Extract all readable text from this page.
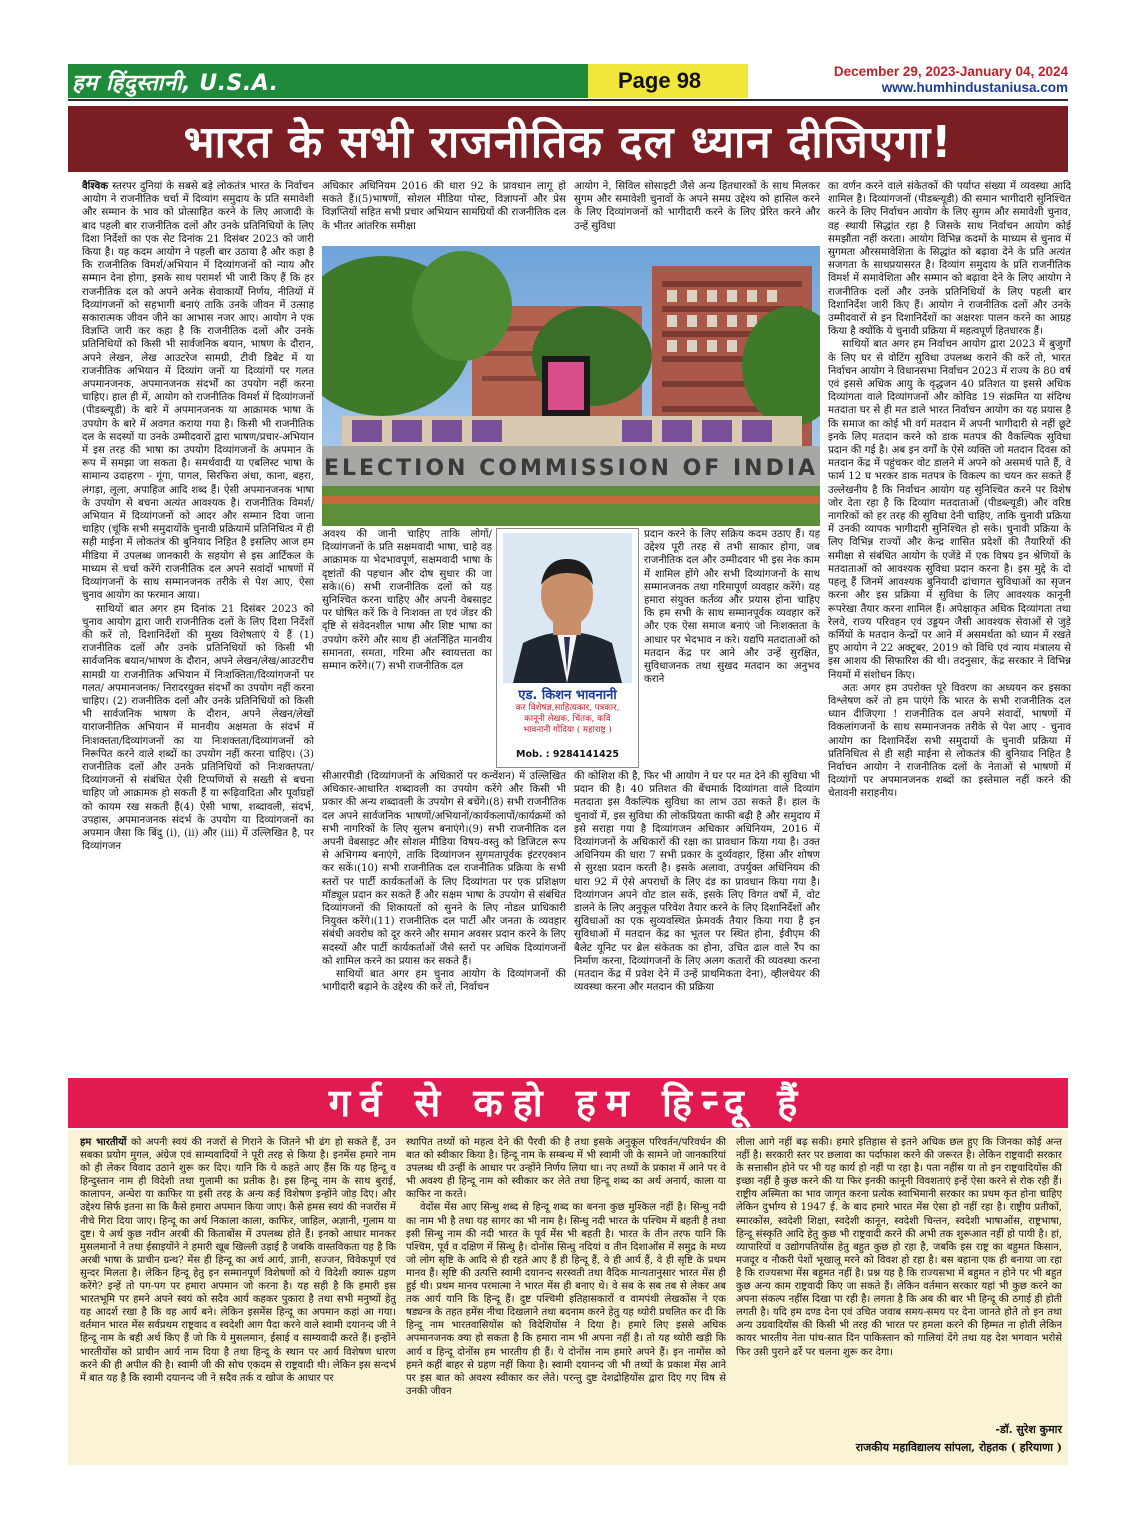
हम हिंदुस्तानी, U.S.A.	Page 98	December 29, 2023-January 04, 2024
www.humhindustaniusa.com
भारत के सभी राजनीतिक दल ध्यान दीजिएगा!

वैश्विक स्तरपर दुनियां के सबसे बड़े लोकतंत्र भारत के निर्वाचन आयोग ने राजनीतिक चर्चा में दिव्यांग समुदाय के प्रति समावेशी और सम्मान के भाव को प्रोत्साहित करने के लिए आजादी के बाद पहली बार राजनीतिक दलों और उनके प्रतिनिधियों के लिए दिशा निर्देशों का एक सेट दिनांक 21 दिसंबर 2023 को जारी किया है। यह कदम आयोग ने पहली बार उठाया है और कहा है कि राजनीतिक विमर्श/अभियान में दिव्यांगजनों को न्याय और सम्मान देना होगा, इसके साथ परामर्श भी जारी किए हैं कि हर राजनीतिक दल को अपने अनेक सेवाकार्यों निर्णय, नीतियों में दिव्यांगजनों को सहभागी बनाएं ताकि उनके जीवन में उत्साह सकारात्मक जीवन जीने का आभास नजर आए। आयोग ने एक विज्ञप्ति जारी कर कहा है कि राजनीतिक दलों और उनके प्रतिनिधियों को किसी भी सार्वजनिक बयान, भाषण के दौरान, अपने लेखन, लेख आउटरेज सामग्री, टीवी डिबेट में या राजनीतिक अभियान में दिव्यांग जनों या दिव्यांगों पर गलत अपमानजनक, अपमानजनक संदर्भों का उपयोग नहीं करना चाहिए। हाल ही में, आयोग को राजनीतिक विमर्श में दिव्यांगजनों (पीडब्ल्यूडी) के बारे में अपमानजनक या आक्रामक भाषा के उपयोग के बारे में अवगत कराया गया है। किसी भी राजनीतिक दल के सदस्यों या उनके उम्मीदवारों द्वारा भाषण/प्रचार-अभियान में इस तरह की भाषा का उपयोग दिव्यांगजनों के अपमान के रूप में समझा जा सकता है। समर्थवादी या एबलिस्ट भाषा के सामान्य उदाहरण - गूंगा, पागल, सिरफिरा अंधा, काना, बहरा, लंगड़ा, लूला, अपाहिज आदि शब्द हैं। ऐसी अपमानजनक भाषा के उपयोग से बचना अत्यंत आवश्यक है। राजनीतिक विमर्श/अभियान में दिव्यांगजनों को आदर और सम्मान दिया जाना चाहिए (चूंकि सभी समुदायोंके चुनावी प्रक्रियामें प्रतिनिधित्व में ही सही माईना में लोकतंत्र की बुनियाद निहित है इसलिए आज हम मीडिया में उपलब्ध जानकारी के सहयोग से इस आर्टिकल के माध्यम से चर्चा करेंगे राजनीतिक दल अपने सवांदों भाषणों में दिव्यांगजनों के साथ सम्मानजनक तरीके से पेश आए, ऐसा चुनाव आयोग का फरमान आया।

साथियों बात अगर हम दिनांक 21 दिसंबर 2023 को चुनाव आयोग द्वारा जारी राजनीतिक दलों के लिए दिशा निर्देशों की करें तो, दिशानिर्देशों की मुख्य विशेषताएं ये हैं (1) राजनीतिक दलों और उनके प्रतिनिधियों को किसी भी सार्वजनिक बयान/भाषण के दौरान, अपने लेखन/लेख/आउटरीच सामग्री या राजनीतिक अभियान में निःशक्तिता/दिव्यांगजनों पर गलत/ अपमानजनक/ निरादरयुक्त संदर्भों का उपयोग नहीं करना चाहिए। (2) राजनीतिक दलों और उनके प्रतिनिधियों को किसी भी सार्वजनिक भाषण के दौरान, अपने लेखन/लेखों याराजनीतिक अभियान में मानवीय अक्षमता के संदर्भ में निःशक्तता/दिव्यांगजनों का या निःशक्तता/दिव्यांगजनों को निरूपित करने वाले शब्दों का उपयोग नहीं करना चाहिए। (3) राजनीतिक दलों और उनके प्रतिनिधियों को निःशक्तपता/ दिव्यांगजनों से संबंधित ऐसी टिप्पणियों से सख्ती से बचना चाहिए जो आक्रामक हो सकती हैं या रूढ़िवादिता और पूर्वाग्रहों को कायम रख सकती हैं(4) ऐसी भाषा, शब्दावली, संदर्भ, उपहास, अपमानजनक संदर्भ के उपयोग या दिव्यांगजनों का अपमान जैसा कि बिंदु (i), (ii) और (iii) में उल्लिखित है, पर दिव्यांगजन

अधिकार अधिनियम 2016 की धारा 92 के प्रावधान लागू हो सकते हैं।(5)भाषणों, सोशल मीडिया पोस्ट, विज्ञापनों और प्रेस विज्ञप्तियों सहित सभी प्रचार अभियान सामग्रियों की राजनीतिक दल के भीतर आंतरिक समीक्षा

आयोग ने, सिविल सोसाइटी जैसे अन्य हितधारकों के साथ मिलकर सुगम और समावेशी चुनावों के अपने समग्र उद्देश्य को हासिल करने के लिए दिव्यांगजनों को भागीदारी करने के लिए प्रेरित करने और उन्हें सुविधा

ELECTION COMMISSION OF INDIA

अवश्य की जानी चाहिए ताकि लोगों/ दिव्यांगजनों के प्रति सक्षमवादी भाषा, चाहे वह आक्रामक या भेदभावपूर्ण, सक्षमवादी भाषा के दृष्टांतों की पहचान और दोष सुधार की जा सके।(6) सभी राजनीतिक दलों को यह सुनिश्चित करना चाहिए और अपनी वेबसाइट पर घोषित करें कि वे निःशक्त ता एवं जेंडर की दृष्टि से संवेदनशील भाषा और शिष्ट भाषा का उपयोग करेंगे और साथ ही अंतर्निहित मानवीय समानता, समता, गरिमा और स्वायत्तता का सम्मान करेंगे।(7) सभी राजनीतिक दल

एड. किशन भावनानी
कर विशेषज्ञ,साहित्यकार, पत्रकार,
कानूनी लेखक, चिंतक, कवि
भावनानी गोंदिया ( महाराष्ट्र )
Mob. : 9284141425

प्रदान करने के लिए सक्रिय कदम उठाए हैं। यह उद्देश्य पूरी तरह से तभी साकार होगा, जब राजनीतिक दल और उम्मीदवार भी इस नेक काम में शामिल होंगे और सभी दिव्यांगजनों के साथ सम्मानजनक तथा गरिमापूर्ण व्यवहार करेंगे। यह हमारा संयुक्त कर्तव्य और प्रयास होना चाहिए कि हम सभी के साथ सम्मानपूर्वक व्यवहार करें और एक ऐसा समाज बनाएं जो निःशक्तता के आधार पर भेदभाव न करे। यद्यपि मतदाताओं को मतदान केंद्र पर आने और उन्हें सुरक्षित, सुविधाजनक तथा सुखद मतदान का अनुभव कराने

सीआरपीडी (दिव्यांगजनों के अधिकारों पर कन्वेंशन) में उल्लिखित अधिकार-आधारित शब्दावली का उपयोग करेंगे और किसी भी प्रकार की अन्य शब्दावली के उपयोग से बचेंगे।(8) सभी राजनीतिक दल अपने सार्वजनिक भाषणों/अभियानों/कार्यकलापों/कार्यक्रमों को सभी नागरिकों के लिए सुलभ बनाएंगे।(9) सभी राजनीतिक दल अपनी वेबसाइट और सोशल मीडिया विषय-वस्तु को डिजिटल रूप से अभिगम्य बनाएंगे, ताकि दिव्यांगजन सुगमतापूर्वक इंटरएक्शन कर सकें।(10) सभी राजनीतिक दल राजनीतिक प्रक्रिया के सभी स्तरों पर पार्टी कार्यकर्ताओं के लिए दिव्यांगता पर एक प्रशिक्षण मॉड्यूल प्रदान कर सकते हैं और सक्षम भाषा के उपयोग से संबंधित दिव्यांगजनों की शिकायतों को सुनने के लिए नोडल प्राधिकारी नियुक्त करेंगे।(11) राजनीतिक दल पार्टी और जनता के व्यवहार संबंधी अवरोध को दूर करने और समान अवसर प्रदान करने के लिए सदस्यों और पार्टी कार्यकर्ताओं जैसे स्तरों पर अधिक दिव्यांगजनों को शामिल करने का प्रयास कर सकते हैं।

साथियों बात अगर हम चुनाव आयोग के दिव्यांगजनों की भागीदारी बढ़ाने के उद्देश्य की करें तो, निर्वाचन

की कोशिश की है, फिर भी आयोग ने घर पर मत देने की सुविधा भी प्रदान की है। 40 प्रतिशत की बेंचमार्क दिव्यांगता वाले दिव्यांग मतदाता इस वैकल्पिक सुविधा का लाभ उठा सकते हैं। हाल के चुनावों में, इस सुविधा की लोकप्रियता काफी बढ़ी है और समुदाय में इसे सराहा गया है दिव्यांगजन अधिकार अधिनियम, 2016 में दिव्यांगजनों के अधिकारों की रक्षा का प्रावधान किया गया है। उक्त अधिनियम की धारा 7 सभी प्रकार के दुर्व्यवहार, हिंसा और शोषण से सुरक्षा प्रदान करती है। इसके अलावा, उपर्युक्त अधिनियम की धारा 92 में ऐसे अपराधों के लिए दंड का प्रावधान किया गया है। दिव्यांगजन अपने वोट डाल सकें, इसके लिए विगत वर्षों में, वोट डालने के लिए अनुकूल परिवेश तैयार करने के लिए दिशानिर्देशों और सुविधाओं का एक सुव्यवस्थित फ्रेमवर्क तैयार किया गया है इन सुविधाओं में मतदान केंद्र का भूतल पर स्थित होना, ईवीएम की बैलेट यूनिट पर ब्रेल संकेतक का होना, उचित ढाल वाले रैंप का निर्माण करना, दिव्यांगजनों के लिए अलग कतारों की व्यवस्था करना (मतदान केंद्र में प्रवेश देने में उन्हें प्राथमिकता देना), व्हीलचेयर की व्यवस्था करना और मतदान की प्रक्रिया

का वर्णन करने वाले संकेतकों की पर्याप्त संख्या में व्यवस्था आदि शामिल है। दिव्यांगजनों (पीडब्ल्यूडी) की समान भागीदारी सुनिश्चित करने के लिए निर्वाचन आयोग के लिए सुगम और समावेशी चुनाव, वह स्थायी सिद्धांत रहा है जिसके साथ निर्वाचन आयोग कोई समझौता नहीं करता। आयोग विभिन्न कदमों के माध्यम से चुनाव में सुगमता औरसमावेशिता के सिद्धांत को बढ़ावा देने के प्रति अत्यंत सजगता के साथप्रयासरत है। दिव्यांग समुदाय के प्रति राजनीतिक विमर्श में समावेशिता और सम्मान को बढ़ावा देने के लिए आयोग ने राजनीतिक दलों और उनके प्रतिनिधियों के लिए पहली बार दिशानिर्देश जारी किए हैं। आयोग ने राजनीतिक दलों और उनके उम्मीदवारों से इन दिशानिर्देशों का अक्षरशः पालन करने का आग्रह किया है क्योंकि ये चुनावी प्रक्रिया में महत्वपूर्ण हितधारक हैं।

साथियों बात अगर हम निर्वाचन आयोग द्वारा 2023 में बुजुर्गों के लिए घर से वोटिंग सुविधा उपलब्ध कराने की करें तो, भारत निर्वाचन आयोग ने विधानसभा निर्वाचन 2023 में राज्य के 80 वर्ष एवं इससे अधिक आयु के वृद्धजन 40 प्रतिशत या इससे अधिक दिव्यांगता वाले दिव्यांगजनों और कोविड 19 संक्रमित या संदिग्ध मतदाता घर से ही मत डाले भारत निर्वाचन आयोग का यह प्रयास है कि समाज का कोई भी वर्ग मतदान में अपनी भागीदारी से नहीं छूटे इनके लिए मतदान करने को डाक मतपत्र की वैकल्पिक सुविधा प्रदान की गई है। अब इन वर्गों के ऐसे व्यक्ति जो मतदान दिवस को मतदान केंद्र में पहुंचकर वोट डालने में अपने को असमर्थ पाते हैं, वे फार्म 12 घ भरकर डाक मतपत्र के विकल्प का चयन कर सकते हैं उल्लेखनीय है कि निर्वाचन आयोग यह सुनिश्चित करने पर विशेष जोर देता रहा है कि दिव्यांग मतदाताओं (पीडब्ल्यूडी) और वरिष्ठ नागरिकों को हर तरह की सुविधा देनी चाहिए, ताकि चुनावी प्रक्रिया में उनकी व्यापक भागीदारी सुनिश्चित हो सके। चुनावी प्रक्रिया के लिए विभिन्न राज्यों और केन्द्र शासित प्रदेशों की तैयारियों की समीक्षा से संबंधित आयोग के एजेंडे में एक विषय इन श्रेणियों के मतदाताओं को आवश्यक सुविधा प्रदान करना है। इस मुद्दे के दो पहलू हैं जिनमें आवश्यक बुनियादी ढांचागत सुविधाओं का सृजन करना और इस प्रक्रिया में सुविधा के लिए आवश्यक कानूनी रूपरेखा तैयार करना शामिल हैं। अपेक्षाकृत अधिक दिव्यांगता तथा रेलवे, राज्य परिवहन एवं उड्डयन जैसी आवश्यक सेवाओं से जुड़े कर्मियों के मतदान केन्द्रों पर आने में असमर्थता को ध्यान में रखते हुए आयोग ने 22 अक्टूबर, 2019 को विधि एवं न्याय मंत्रालय से इस आशय की सिफारिश की थी। तदनुसार, केंद्र सरकार ने विभिन्न नियमों में संशोधन किए।

अतः अगर हम उपरोक्त पूरे विवरण का अध्ययन कर इसका विश्लेषण करें तो हम पाएंगे कि भारत के सभी राजनीतिक दल ध्यान दीजिएगा ! राजनीतिक दल अपने संवादों, भाषणों में विकलांगजनों के साथ सम्मानजनक तरीके से पेश आए - चुनाव आयोग का दिशानिर्देश सभी समुदायों के चुनावी प्रक्रिया में प्रतिनिधित्व से ही सही माईना से लोकतंत्र की बुनियाद निहित है निर्वाचन आयोग ने राजनीतिक दलों के नेताओं से भाषणों में दिव्यांगों पर अपमानजनक शब्दों का इस्तेमाल नहीं करने की चेतावनी सराहनीय।

गर्व से कहो हम हिन्दू हैं

हम भारतीयों को अपनी स्वयं की नजरों से गिराने के जितने भी ढंग हो सकते हैं, उन सबका प्रयोग मुगल, अंग्रेज एवं साम्यवादियों ने पूरी तरह से किया है। इनमेंस हमारे नाम को ही लेकर विवाद उठाने शुरू कर दिए। यानि कि ये कहते आए हैंस कि यह हिन्दू व हिन्दुस्तान नाम ही विदेशी तथा गुलामी का प्रतीक है। इस हिन्दू नाम के साथ बुराई, कालापन, अन्धेरा या काफिर या इसी तरह के अन्य कई विशेषण इन्होंने जोड़ दिए। और उद्देश्य सिर्फ इतना सा कि कैसे हमारा अपमान किया जाए। कैसे हमस स्वयं की नजरोंस में नीचे गिरा दिया जाए। हिन्दू का अर्थ निकाला काला, काफिर, जाहिल, अज्ञानी, गुलाम या दुष्ट। ये अर्थ कुछ नवीन अरबी की किताबोंस में उपलब्ध होते हैं। इनको आधार मानकर मुसलमानों ने तथा ईसाइयोंने ने हमारी खूब खिल्ली उड़ाई है जबकि वास्तविकता यह है कि अरबी भाषा के प्राचीन ग्रन्थ? मेंस ही हिन्दू का अर्थ आर्य, ज्ञानी, सज्जन, विवेकपूर्ण एवं सुन्दर मिलता है। लेकिन हिन्दू हेतु इन सम्मानपूर्ण विशेषणों को ये विदेशी क्यारू ग्रहण करेंगे? इन्हें तो पग-पग पर हमारा अपमान जो करना है। यह सही है कि हमारी इस भारतभूमि पर हमने अपने स्वयं को सदैव आर्य कहकर पुकारा है तथा सभी मनुष्यों हेतु यह आदर्श रखा है कि वह आर्य बने। लेकिन इसमेंस हिन्दू का अपमान कहां आ गया। वर्तमान भारत मेंस सर्वप्रथम राष्ट्रवाद व स्वदेशी आग पैदा करने वाले स्वामी दयानन्द जी ने हिन्दू नाम के बही अर्थ किए हैं जो कि ये मुसलमान, ईसाई व साम्यवादी करते हैं। इन्होंने भारतीयोंस को प्राचीन आर्य नाम दिया है तथा हिन्दू के स्थान पर आर्य विशेषण धारण करने की ही अपील की है। स्वामी जी की सोच एकदम से राष्ट्रवादी थी। लेकिन इस सन्दर्भ में बात यह है कि स्वामी दयानन्द जी ने सदैव तर्क व खोज के आधार पर

स्थापित तथ्यों को महत्व देने की पैरवी की है तथा इसके अनुकूल परिवर्तन/परिवर्धन की बात को स्वीकार किया है। हिन्दू नाम के सम्बन्ध में भी स्वामी जी के सामने जो जानकारियां उपलब्ध थी उन्हीं के आधार पर उन्होंने निर्णय लिया था। नए तथ्यों के प्रकाश में आने पर वे भी अवश्य ही हिन्दू नाम को स्वीकार कर लेते तथा हिन्दू शब्द का अर्थ अनार्य, काला या काफिर ना करते।

वेदोंस मेंस आए सिन्धु शब्द से हिन्दू शब्द का बनना कुछ मुश्किल नहीं है। सिन्धु नदी का नाम भी है तथा यह सागर का भी नाम है। सिन्धु नदी भारत के पश्चिम में बहती है तथा इसी सिन्धु नाम की नदी भारत के पूर्व मेंस भी बहती है। भारत के तीन तरफ यानि कि पश्चिम, पूर्व व दक्षिण में सिन्धु है। दोनोंस सिन्धु नदियां व तीन दिशाओंस में समुद्र के मध्य जो लोग सृष्टि के आदि से ही रहते आए हैं ही हिन्दू हैं, वे ही आर्य हैं, वे ही सृष्टि के प्रथम मानव हैं। सृष्टि की उत्पत्ति स्वामी दयानन्द सरस्वती तथा वैदिक मान्यतानुसार भारत मेंस ही हुई थी। प्रथम मानव परमात्मा ने भारत मेंस ही बनाए थे। वे सब के सब तब से लेकर अब तक आर्य यानि कि हिन्दू हैं। दुष्ट पश्चिमी इतिहासकारों व वामपंथी लेखकोंस ने एक षड्यन्त्र के तहत हमेंस नीचा दिखलाने तथा बदनाम करने हेतु यह थ्योरी प्रचलित कर दी कि हिन्दू नाम भारतवासियोंस को विदेशियोंस ने दिया है। हमारे लिए इससे अधिक अपमानजनक क्या हो सकता है कि हमारा नाम भी अपना नहीं है। तो यह थ्योरी खड़ी कि आर्य व हिन्दू दोनोंस हम भारतीय ही हैं। ये दोनोंस नाम हमारे अपने हैं। इन नामोंस को हमने कहीं बाहर से ग्रहण नहीं किया है। स्वामी दयानन्द जी भी तथ्यों के प्रकाश मेंस आने पर इस बात को अवश्य स्वीकार कर लेते। परन्तु दुष्ट देशद्रोहियोंस द्वारा दिए गए विष से उनकी जीवन

लीला आगे नहीं बढ़ सकी। हमारे इतिहास से इतने अधिक छल हुए कि जिनका कोई अन्त नहीं है। सरकारी स्तर पर छलावा का पर्दाफाश करने की जरूरत है। लेकिन राष्ट्रवादी सरकार के सत्तासीन होने पर भी यह कार्य हो नहीं पा रहा है। पता नहींस या तो इन राष्ट्रवादियोंस की इच्छा नहीं है कुछ करने की या फिर इनकी कानूनी विवशताएं इन्हें ऐसा करने से रोक रही हैं। राष्ट्रीय अस्मिता का भाव जागृत करना प्रत्येक स्वाभिमानी सरकार का प्रथम कृत होना चाहिए लेकिन दुर्भाग्य से 1947 ई. के बाद हमारे भारत मेंस ऐसा हो नहीं रहा है। राष्ट्रीय प्रतीकों, स्मारकोंस, स्वदेशी शिक्षा, स्वदेशी कानून, स्वदेशी चिन्तन, स्वदेशी भाषाओंस, राष्ट्रभाषा, हिन्दू संस्कृति आदि हेतु कुछ भी राष्ट्रवादी करने की अभी तक शुरूआत नहीं हो पायी है। हां, व्यापारियों व उद्योगपतियोंस हेतु बहुत कुछ हो रहा है, जबकि इस राष्ट्र का बहुमत किसान, मजदूर व नौकरी पेशों भूखालू मरने को विवश हो रहा है। बस बहाना एक ही बनाया जा रहा है कि राज्यसभा मेंस बहुमत नहीं है। प्रश्न यह है कि राज्यसभा में बहुमत न होने पर भी बहुत कुछ अन्य काम राष्ट्रवादी किए जा सकते हैं। लेकिन वर्तमान सरकार यहां भी कुछ करने का अपना संकल्प नहींस दिखा पा रही है। लगता है कि अब की बार भी हिन्दू की ठगाई ही होती लगती है। यदि हम दण्ड देना एवं उचित जवाब समय-समय पर देना जानते होते तो इन तथा अन्य उग्रवादियोंस की किसी भी तरह की भारत पर हमला करने की हिम्मत ना होती लेकिन कायर भारतीय नेता पांच-सात दिन पाकिस्तान को गालियां देंगे तथा यह देश भगवान भरोसे फिर उसी पुराने ढर्रे पर चलना शुरू कर देगा।

-डॉ. सुरेश कुमार
राजकीय महाविद्यालय सांपला, रोहतक ( हरियाणा )
